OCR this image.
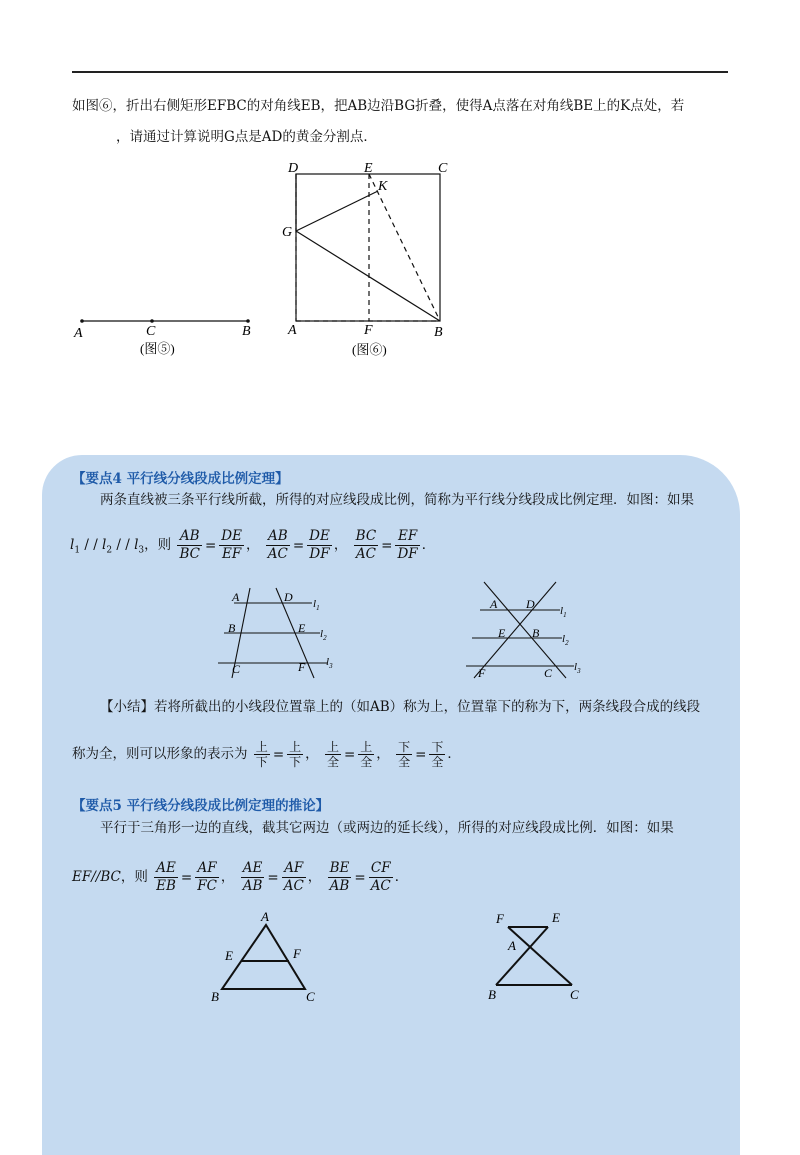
如图⑥，折出右侧矩形EFBC的对角线EB，把AB边沿BG折叠，使得A点落在对角线BE上的K点处，若
，请通过计算说明G点是AD的黄金分割点．
A	C	B
(图⑤)
D	E	C
K
G
A	F	B
(图⑥)
【要点4 平行线分线段成比例定理】
两条直线被三条平行线所截，所得的对应线段成比例，简称为平行线分线段成比例定理．如图：如果
$l_1$ / / $l_2$ / / $l_3$，则 $\frac{AB}{BC} = \frac{DE}{EF}$ ， $\frac{AB}{AC} = \frac{DE}{DF}$ ， $\frac{BC}{AC} = \frac{EF}{DF}$ ．
A	D $l_1$
B	E $l_2$
C	F $l_3$
A D $l_1$
E B $l_2$
F	C $l_3$
【小结】若将所截出的小线段位置靠上的（如AB）称为上，位置靠下的称为下，两条线段合成的线段
称为全，则可以形象的表示为 $\frac{\text{上}}{\text{下}} = \frac{\text{上}}{\text{下}}$ ， $\frac{\text{上}}{\text{全}} = \frac{\text{上}}{\text{全}}$ ， $\frac{\text{下}}{\text{全}} = \frac{\text{下}}{\text{全}}$ ．
【要点5 平行线分线段成比例定理的推论】
平行于三角形一边的直线，截其它两边（或两边的延长线），所得的对应线段成比例．如图：如果
EF//BC，则 $\frac{AE}{EB} = \frac{AF}{FC}$ ， $\frac{AE}{AB} = \frac{AF}{AC}$ ， $\frac{BE}{AB} = \frac{CF}{AC}$ ．
A
E	F
B	C
F	E
A
B	C
